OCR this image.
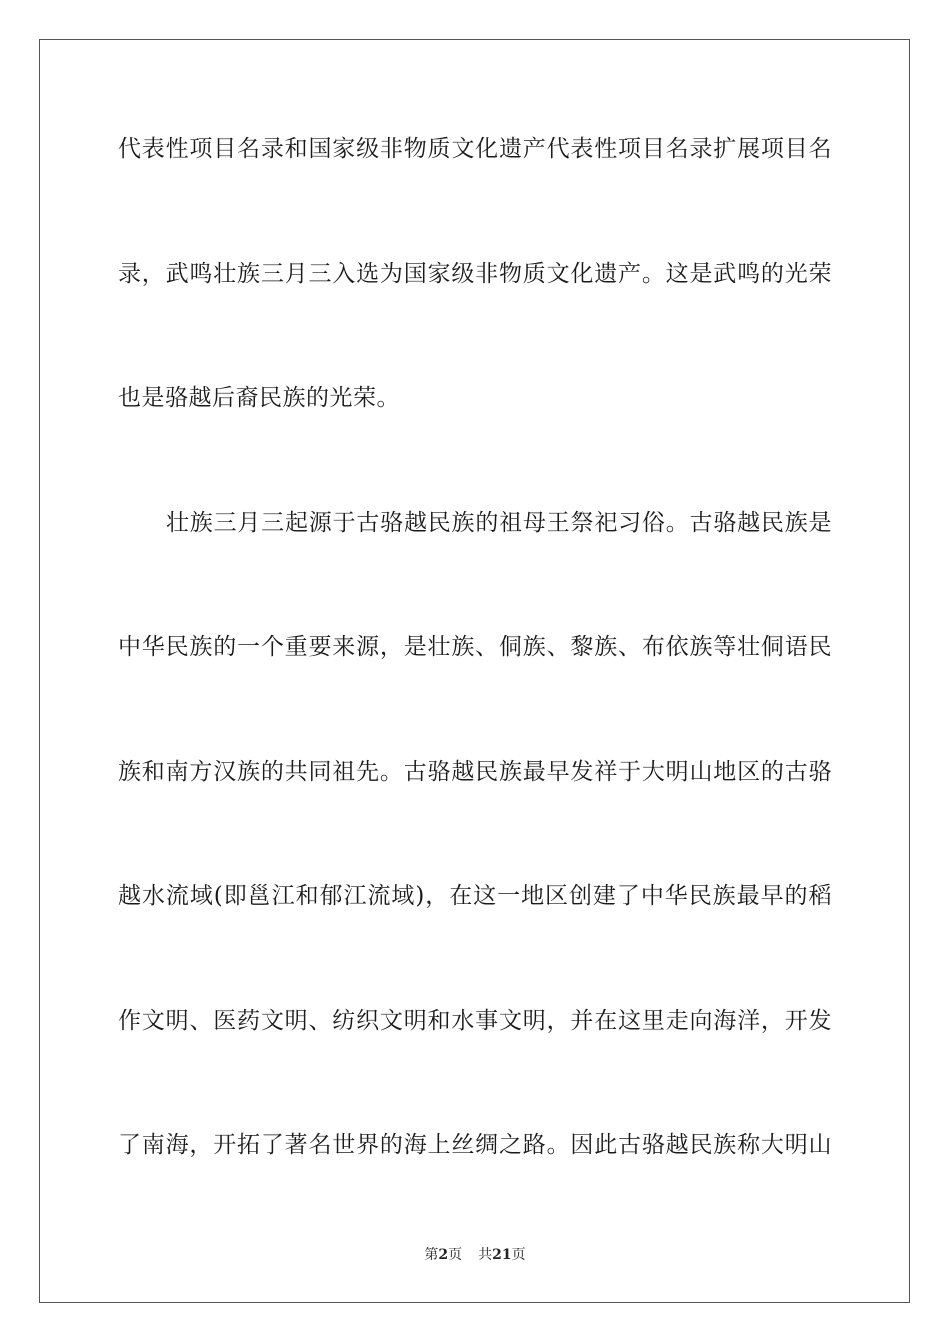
代表性项目名录和国家级非物质文化遗产代表性项目名录扩展项目名
录，武鸣壮族三月三入选为国家级非物质文化遗产。这是武鸣的光荣
也是骆越后裔民族的光荣。
壮族三月三起源于古骆越民族的祖母王祭祀习俗。古骆越民族是
中华民族的一个重要来源，是壮族、侗族、黎族、布依族等壮侗语民
族和南方汉族的共同祖先。古骆越民族最早发祥于大明山地区的古骆
越水流域(即邕江和郁江流域)，在这一地区创建了中华民族最早的稻
作文明、医药文明、纺织文明和水事文明，并在这里走向海洋，开发
了南海，开拓了著名世界的海上丝绸之路。因此古骆越民族称大明山
第2页 共21页
